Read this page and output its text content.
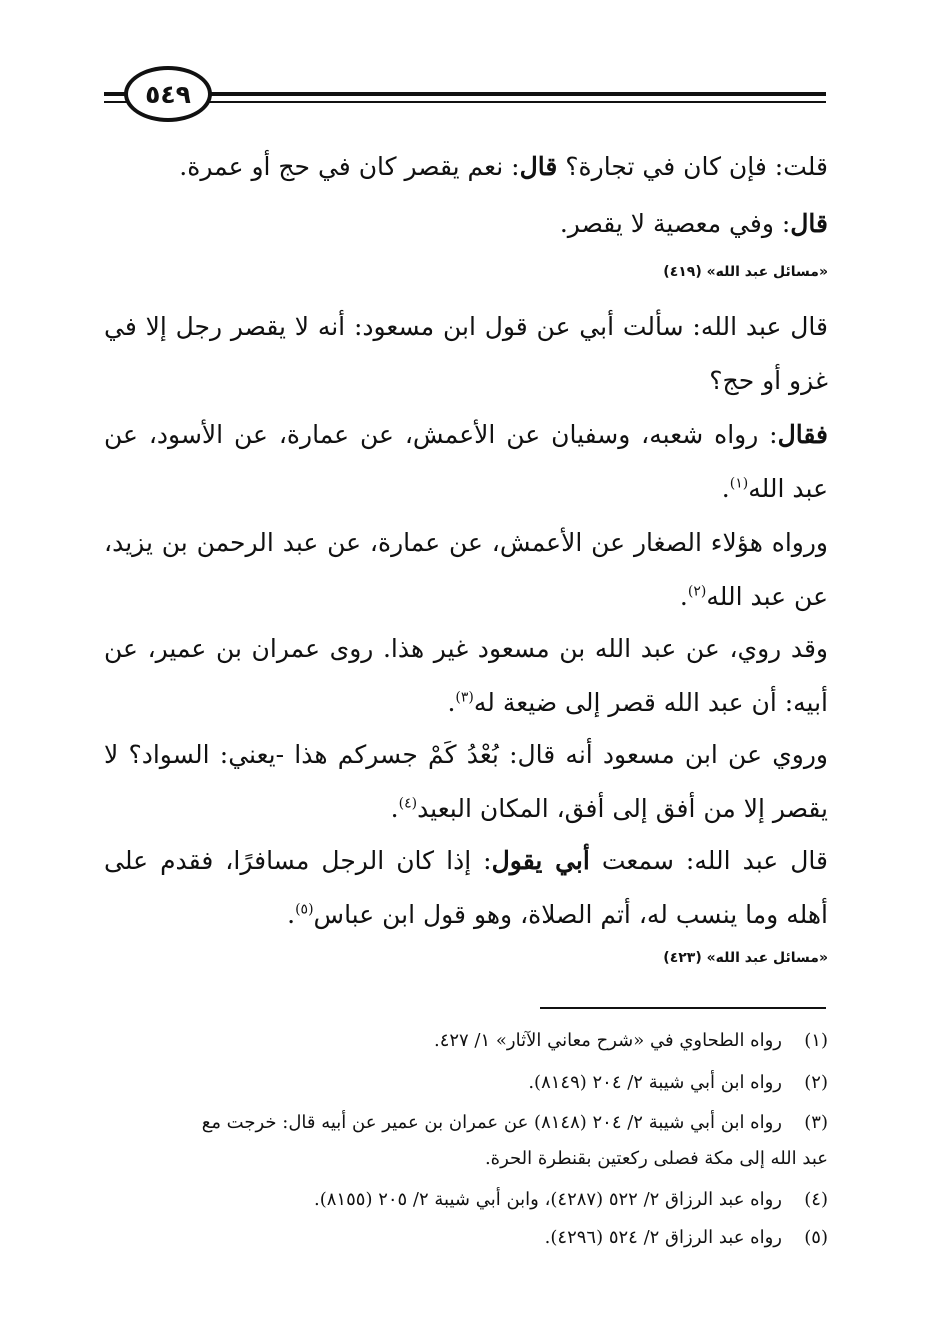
٥٤٩

قلت: فإن كان في تجارة؟ قال: نعم يقصر كان في حج أو عمرة.

قال: وفي معصية لا يقصر.

«مسائل عبد الله» (٤١٩)

قال عبد الله: سألت أبي عن قول ابن مسعود: أنه لا يقصر رجل إلا في غزو أو حج؟

فقال: رواه شعبه، وسفيان عن الأعمش، عن عمارة، عن الأسود، عن عبد الله$^{(١)}$.

ورواه هؤلاء الصغار عن الأعمش، عن عمارة، عن عبد الرحمن بن يزيد، عن عبد الله$^{(٢)}$.

وقد روي، عن عبد الله بن مسعود غير هذا. روى عمران بن عمير، عن أبيه: أن عبد الله قصر إلى ضيعة له$^{(٣)}$.

وروي عن ابن مسعود أنه قال: بُعْدُ كَمْ جسركم هذا -يعني: السواد؟ لا يقصر إلا من أفق إلى أفق، المكان البعيد$^{(٤)}$.

قال عبد الله: سمعت أبي يقول: إذا كان الرجل مسافرًا، فقدم على أهله وما ينسب له، أتم الصلاة، وهو قول ابن عباس$^{(٥)}$.

«مسائل عبد الله» (٤٢٣)

(١)رواه الطحاوي في «شرح معاني الآثار» ١/ ٤٢٧.

(٢)رواه ابن أبي شيبة ٢/ ٢٠٤ (٨١٤٩).

(٣)رواه ابن أبي شيبة ٢/ ٢٠٤ (٨١٤٨) عن عمران بن عمير عن أبيه قال: خرجت مع

عبد الله إلى مكة فصلى ركعتين بقنطرة الحرة.

(٤)رواه عبد الرزاق ٢/ ٥٢٢ (٤٢٨٧)، وابن أبي شيبة ٢/ ٢٠٥ (٨١٥٥).

(٥)رواه عبد الرزاق ٢/ ٥٢٤ (٤٢٩٦).
